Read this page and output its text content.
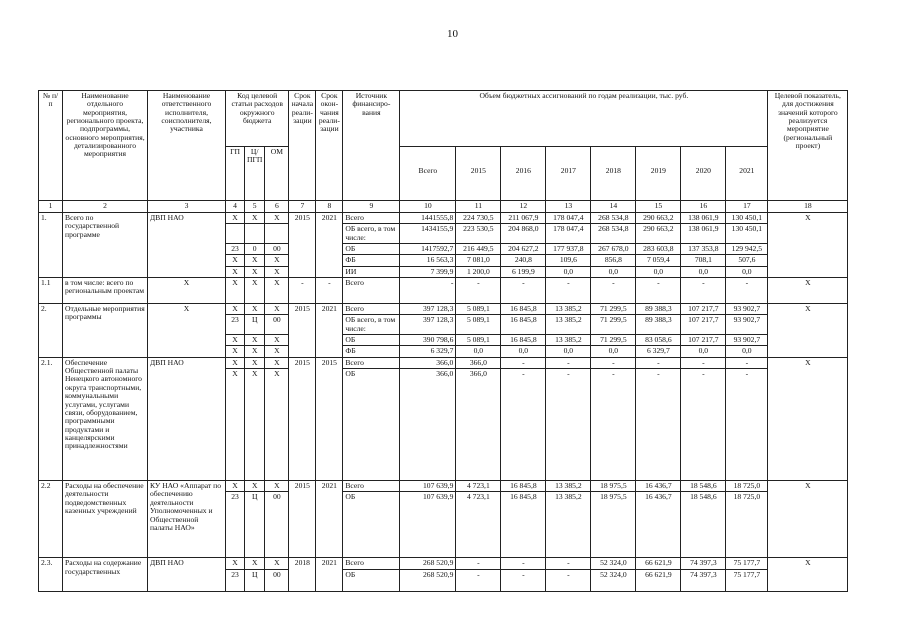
10
№ п/п	Наименование отдельного мероприятия, регионального проекта, подпрограммы, основного мероприятия, детализированного мероприятия	Наименование ответственного исполнителя, соисполнителя, участника	Код целевой статьи расходов окружного бюджета			Срок начала реали-зации	Срок окон-чания реали-зации	Источник финансиро-вания	Объем бюджетных ассигнований по годам реализации, тыс. руб.								Целевой показатель, для достижения значений которого реализуется мероприятие (региональный проект)
			ГП	Ц/ПГП	ОМ				Всего	2015	2016	2017	2018	2019	2020	2021	
1	2	3	4	5	6	7	8	9	10	11	12	13	14	15	16	17	18
1.	Всего по государственной программе	ДВП НАО	Х	Х	Х	2015	2021	Всего	1441555,8	224 730,5	211 067,9	178 047,4	268 534,8	290 663,2	138 061,9	130 450,1	Х
								ОБ всего, в том числе:	1434155,9	223 530,5	204 868,0	178 047,4	268 534,8	290 663,2	138 061,9	130 450,1	
			23	0	00			ОБ	1417592,7	216 449,5	204 627,2	177 937,8	267 678,0	283 603,8	137 353,8	129 942,5	
			Х	Х	Х			ФБ	16 563,3	7 081,0	240,8	109,6	856,8	7 059,4	708,1	507,6	
			Х	Х	Х			ИИ	7 399,9	1 200,0	6 199,9	0,0	0,0	0,0	0,0	0,0	
1.1	в том числе: всего по региональным проектам	Х	Х	Х	Х	-	-	Всего	-	-	-	-	-	-	-	-	Х
2.	Отдельные мероприятия программы	Х	Х	Х	Х	2015	2021	Всего	397 128,3	5 089,1	16 845,8	13 385,2	71 299,5	89 388,3	107 217,7	93 902,7	Х
			23	Ц	00			ОБ всего, в том числе:	397 128,3	5 089,1	16 845,8	13 385,2	71 299,5	89 388,3	107 217,7	93 902,7	
			Х	Х	Х			ОБ	390 798,6	5 089,1	16 845,8	13 385,2	71 299,5	83 058,6	107 217,7	93 902,7	
			Х	Х	Х			ФБ	6 329,7	0,0	0,0	0,0	0,0	6 329,7	0,0	0,0	
2.1.	Обеспечение Общественной палаты Ненецкого автономного округа транспортными, коммунальными услугами, услугами связи, оборудованием, программными продуктами и канцелярскими принадлежностями	ДВП НАО	Х	Х	Х	2015	2015	Всего	366,0	366,0	-	-	-	-	-	-	Х
			Х	Х	Х			ОБ	366,0	366,0	-	-	-	-	-	-	
2.2	Расходы на обеспечение деятельности подведомственных казенных учреждений	КУ НАО «Аппарат по обеспечению деятельности Уполномоченных и Общественной палаты НАО»	Х	Х	Х	2015	2021	Всего	107 639,9	4 723,1	16 845,8	13 385,2	18 975,5	16 436,7	18 548,6	18 725,0	Х
			23	Ц	00			ОБ	107 639,9	4 723,1	16 845,8	13 385,2	18 975,5	16 436,7	18 548,6	18 725,0	
2.3.	Расходы на содержание государственных	ДВП НАО	Х	Х	Х	2018	2021	Всего	268 520,9	-	-	-	52 324,0	66 621,9	74 397,3	75 177,7	Х
			23	Ц	00			ОБ	268 520,9	-	-	-	52 324,0	66 621,9	74 397,3	75 177,7	
